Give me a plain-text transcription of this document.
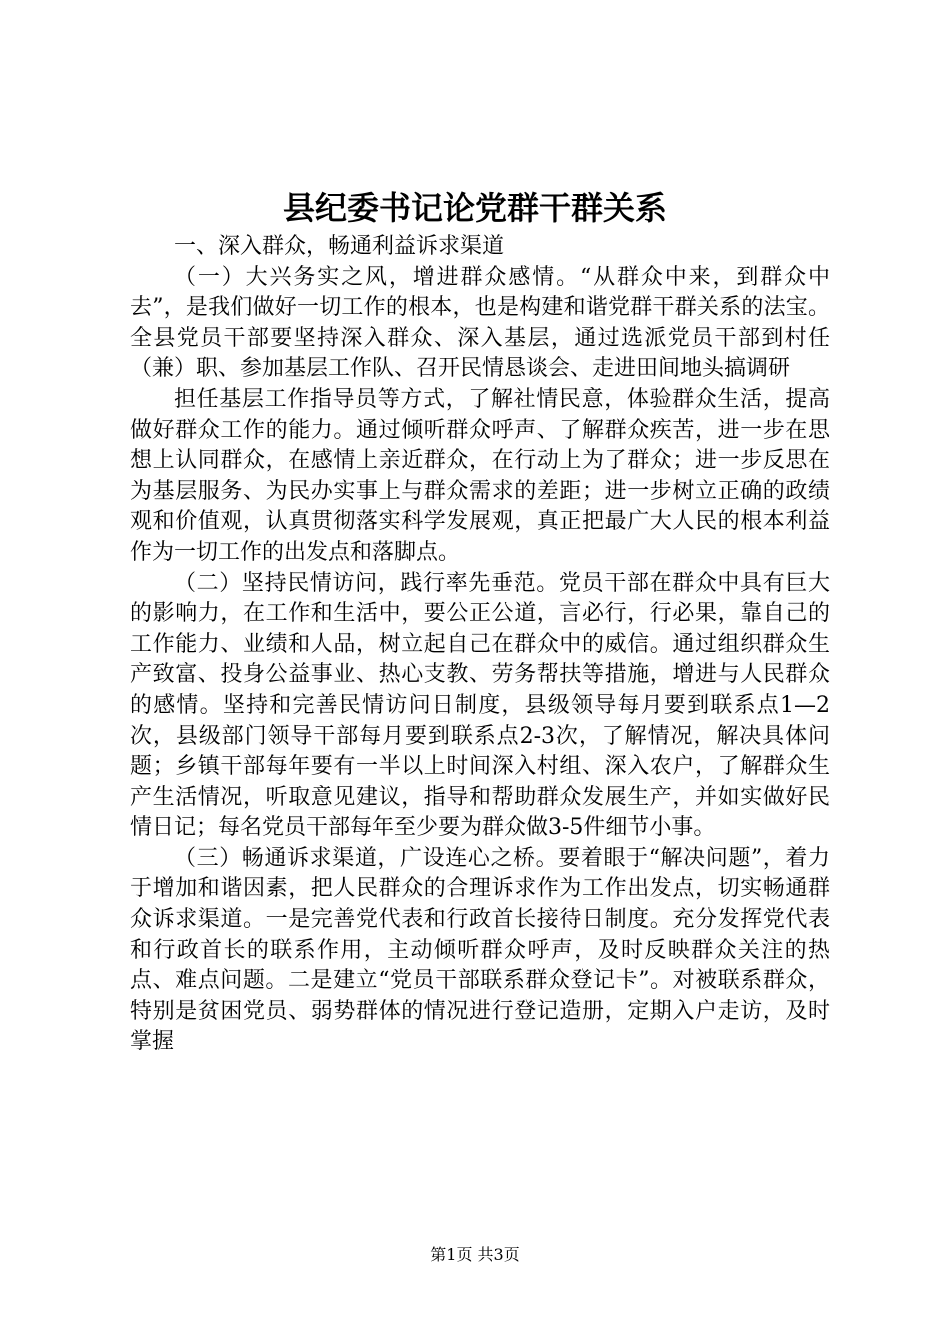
县纪委书记论党群干群关系

一、深入群众，畅通利益诉求渠道

（一）大兴务实之风，增进群众感情。“从群众中来，到群众中去”，是我们做好一切工作的根本，也是构建和谐党群干群关系的法宝。全县党员干部要坚持深入群众、深入基层，通过选派党员干部到村任（兼）职、参加基层工作队、召开民情恳谈会、走进田间地头搞调研

担任基层工作指导员等方式，了解社情民意，体验群众生活，提高做好群众工作的能力。通过倾听群众呼声、了解群众疾苦，进一步在思想上认同群众，在感情上亲近群众，在行动上为了群众；进一步反思在为基层服务、为民办实事上与群众需求的差距；进一步树立正确的政绩观和价值观，认真贯彻落实科学发展观，真正把最广大人民的根本利益作为一切工作的出发点和落脚点。

（二）坚持民情访问，践行率先垂范。党员干部在群众中具有巨大的影响力，在工作和生活中，要公正公道，言必行，行必果，靠自己的工作能力、业绩和人品，树立起自己在群众中的威信。通过组织群众生产致富、投身公益事业、热心支教、劳务帮扶等措施，增进与人民群众的感情。坚持和完善民情访问日制度，县级领导每月要到联系点1—2次，县级部门领导干部每月要到联系点2-3次，了解情况，解决具体问题；乡镇干部每年要有一半以上时间深入村组、深入农户，了解群众生产生活情况，听取意见建议，指导和帮助群众发展生产，并如实做好民情日记；每名党员干部每年至少要为群众做3-5件细节小事。

（三）畅通诉求渠道，广设连心之桥。要着眼于“解决问题”，着力于增加和谐因素，把人民群众的合理诉求作为工作出发点，切实畅通群众诉求渠道。一是完善党代表和行政首长接待日制度。充分发挥党代表和行政首长的联系作用，主动倾听群众呼声，及时反映群众关注的热点、难点问题。二是建立“党员干部联系群众登记卡”。对被联系群众，特别是贫困党员、弱势群体的情况进行登记造册，定期入户走访，及时掌握

第1页 共3页
